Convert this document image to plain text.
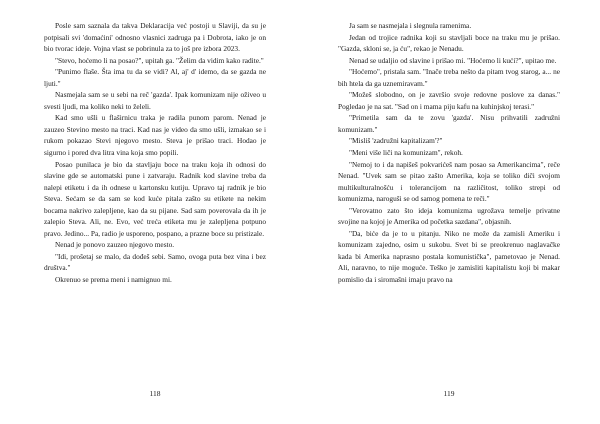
Posle sam saznala da takva Deklaracija već postoji u Slaviji, da su je potpisali svi 'domaćini' odnosno vlasnici zadruga pa i Dobrota, iako je on bio tvorac ideje. Vojna vlast se pobrinula za to još pre izbora 2023.

"Stevo, hoćemo li na posao?", upitah ga. "Želim da vidim kako radite."

"Punimo flaše. Šta ima tu da se vidi? Al, aj' d' idemo, da se gazda ne ljuti."

Nasmejala sam se u sebi na reč 'gazda'. Ipak komunizam nije oživeo u svesti ljudi, ma koliko neki to želeli.

Kad smo ušli u flaširnicu traka je radila punom parom. Nenad je zauzeo Stevino mesto na traci. Kad nas je video da smo ušli, izmakao se i rukom pokazao Stevi njegovo mesto. Steva je prišao traci. Hodao je sigurno i pored dva litra vina koja smo popili.

Posao punilaca je bio da stavljaju boce na traku koja ih odnosi do slavine gde se automatski pune i zatvaraju. Radnik kod slavine treba da nalepi etiketu i da ih odnese u kartonsku kutiju. Upravo taj radnik je bio Steva. Sećam se da sam se kod kuće pitala zašto su etikete na nekim bocama nakrivo zalepljene, kao da su pijane. Sad sam poverovala da ih je zalepio Steva. Ali, ne. Evo, već treća etiketa mu je zalepljena potpuno pravo. Jedino... Pa, radio je usporeno, pospano, a prazne boce su pristizale.

Nenad je ponovo zauzeo njegovo mesto.

"Idi, prošetaj se malo, da dođeš sebi. Samo, ovoga puta bez vina i bez društva."

Okrenuo se prema meni i namignuo mi.

118

Ja sam se nasmejala i slegnula ramenima.

Jedan od trojice radnika koji su stavljali boce na traku mu je prišao. "Gazda, skloni se, ja ću", rekao je Nenadu.

Nenad se udaljio od slavine i prišao mi. "Hoćemo li kući?", upitao me.

"Hoćemo", pristala sam. "Inače treba nešto da pitam tvog starog, a... ne bih htela da ga uznemiravam."

"Možeš slobodno, on je završio svoje redovne poslove za danas." Pogledao je na sat. "Sad on i mama piju kafu na kuhinjskoj terasi."

"Primetila sam da te zovu 'gazda'. Nisu prihvatili zadružni komunizam."

"Misliš 'zadružni kapitalizam'?"

"Meni više liči na komunizam", rekoh.

"Nemoj to i da napišeš pokvarićeš nam posao sa Amerikancima", reče Nenad. "Uvek sam se pitao zašto Amerika, koja se toliko diči svojom multikulturalnošću i tolerancijom na različitost, toliko strepi od komunizma, naroguši se od samog pomena te reči."

"Verovatno zato što ideja komunizma ugrožava temelje privatne svojine na kojoj je Amerika od početka sazdana", objasnih.

"Da, biće da je to u pitanju. Niko ne može da zamisli Ameriku i komunizam zajedno, osim u sukobu. Svet bi se preokrenuo naglavačke kada bi Amerika naprasno postala komunistička", pametovao je Nenad. Ali, naravno, to nije moguće. Teško je zamisliti kapitalistu koji bi makar pomislio da i siromašni imaju pravo na

119
